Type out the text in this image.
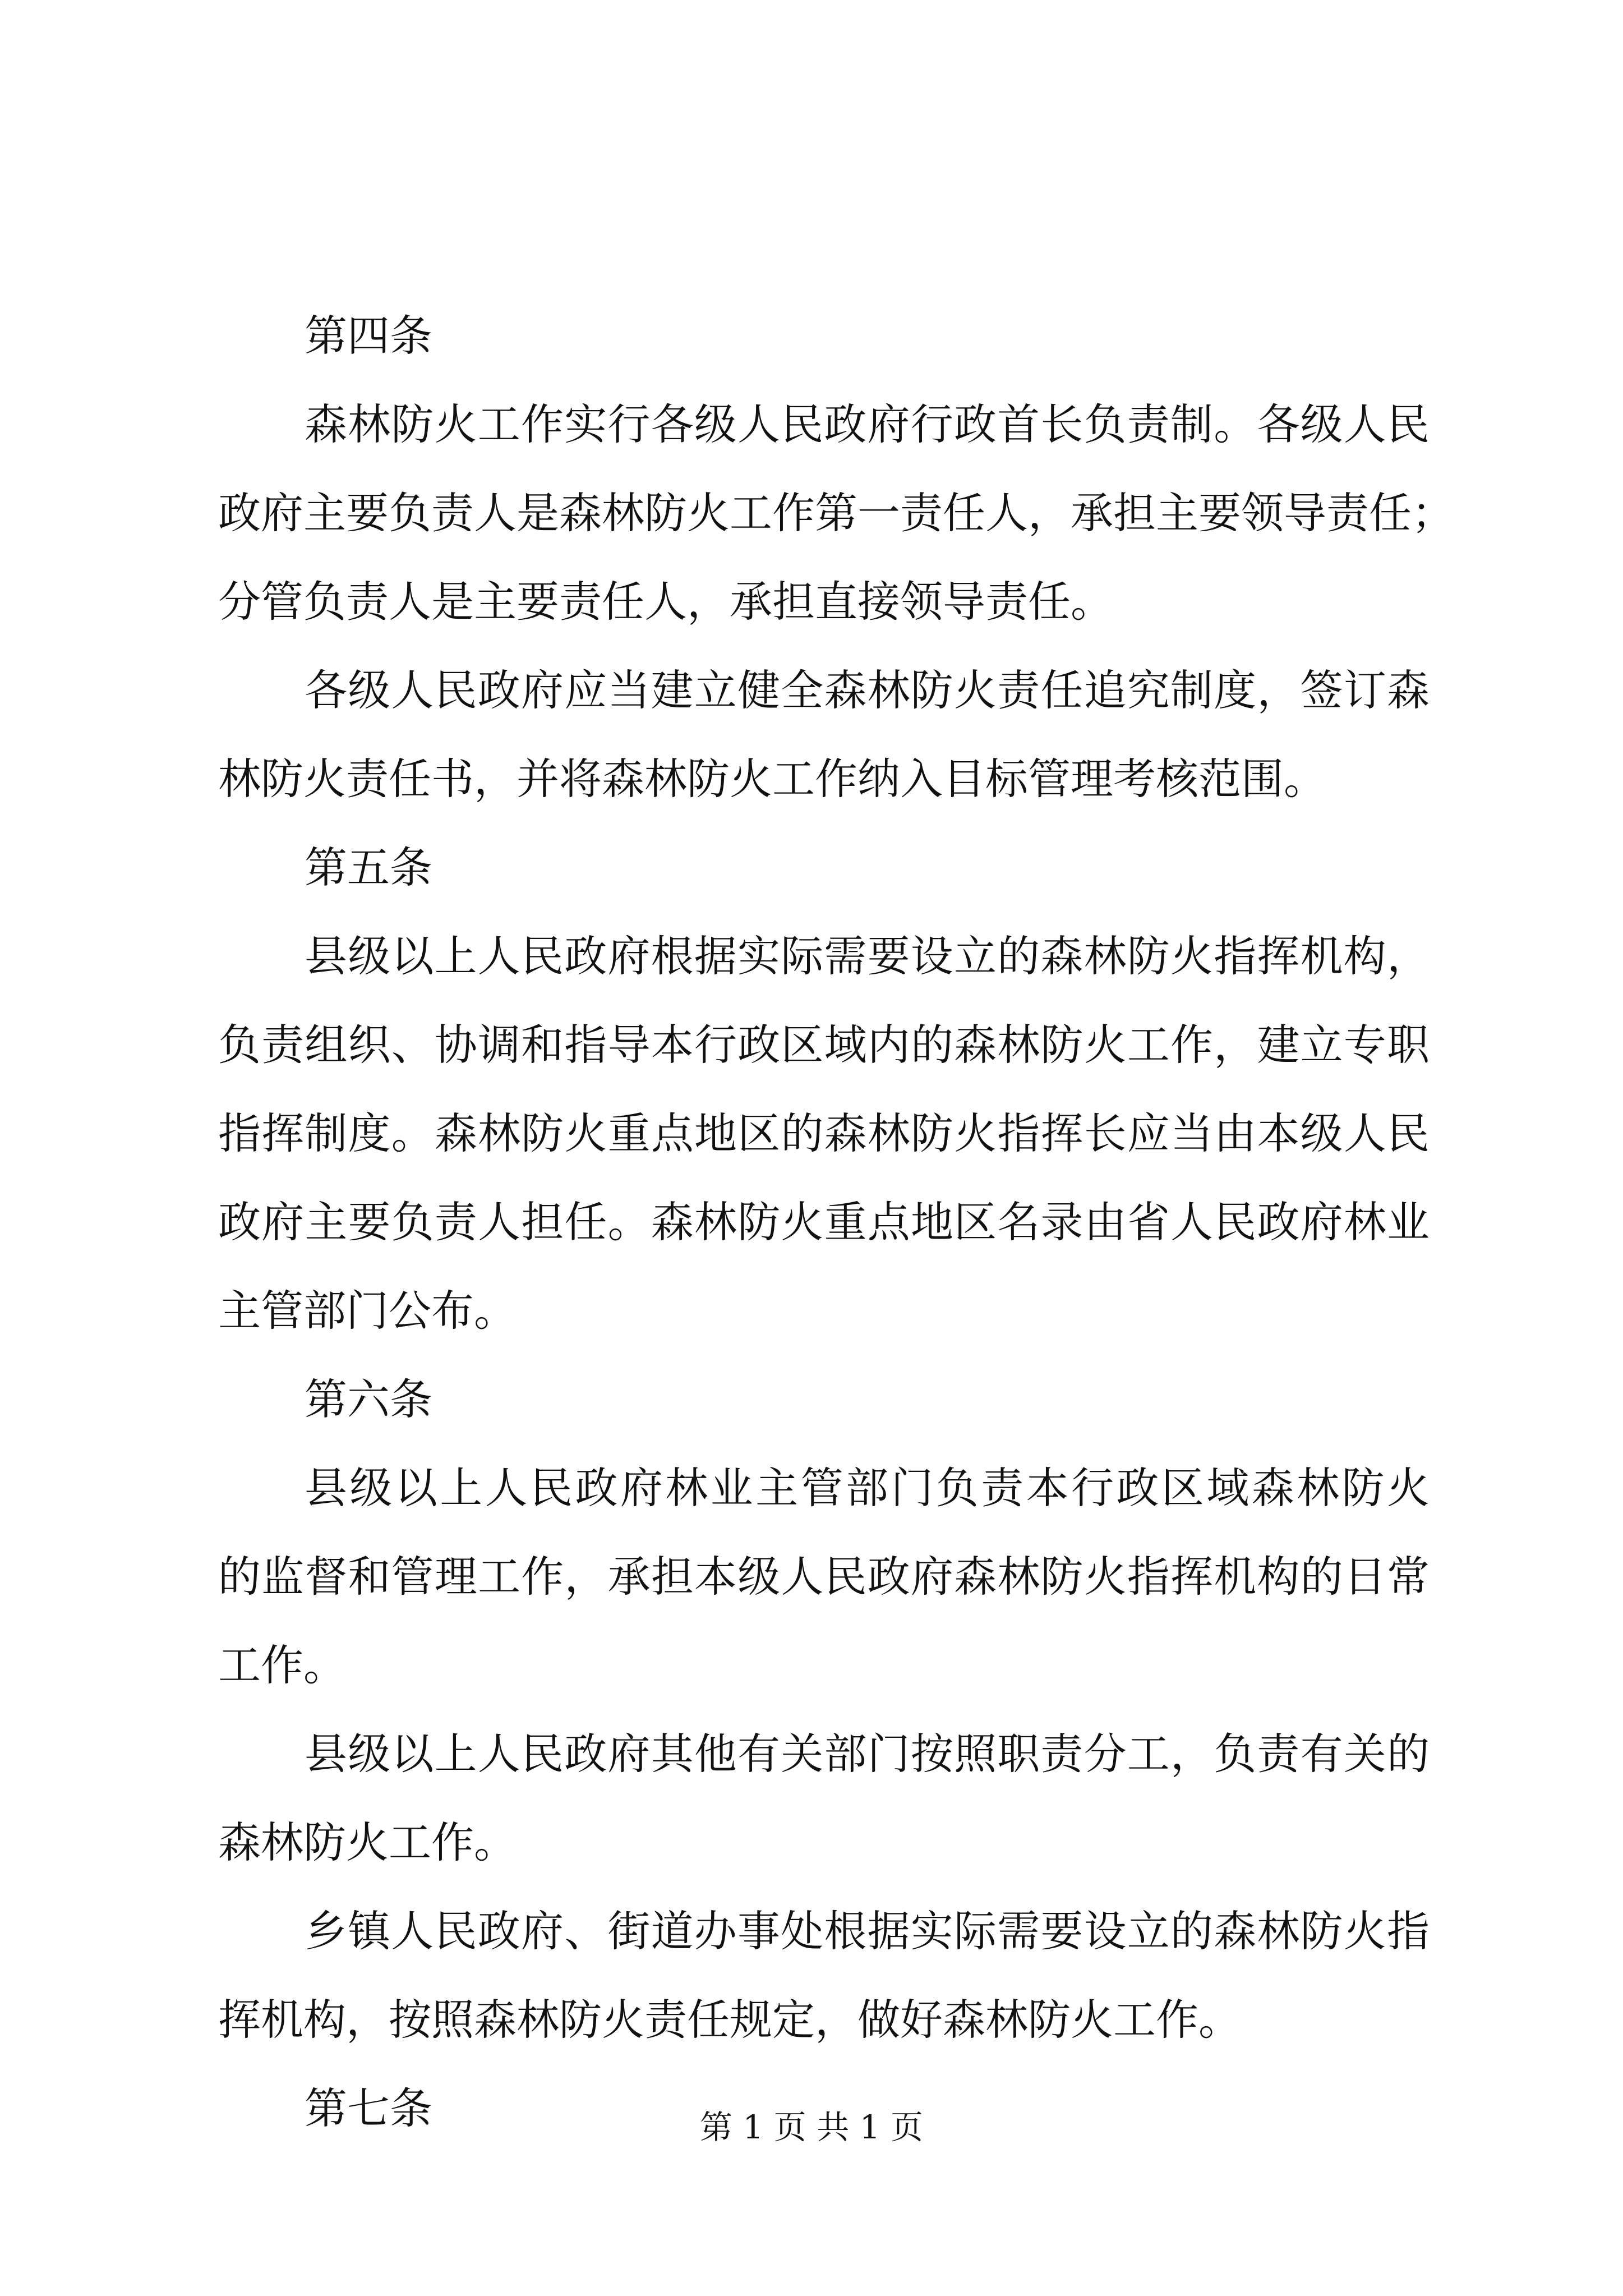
第四条
森林防火工作实行各级人民政府行政首长负责制。各级人民
政府主要负责人是森林防火工作第一责任人，承担主要领导责任；
分管负责人是主要责任人，承担直接领导责任。
各级人民政府应当建立健全森林防火责任追究制度，签订森
林防火责任书，并将森林防火工作纳入目标管理考核范围。
第五条
县级以上人民政府根据实际需要设立的森林防火指挥机构，
负责组织、协调和指导本行政区域内的森林防火工作，建立专职
指挥制度。森林防火重点地区的森林防火指挥长应当由本级人民
政府主要负责人担任。森林防火重点地区名录由省人民政府林业
主管部门公布。
第六条
县级以上人民政府林业主管部门负责本行政区域森林防火
的监督和管理工作，承担本级人民政府森林防火指挥机构的日常
工作。
县级以上人民政府其他有关部门按照职责分工，负责有关的
森林防火工作。
乡镇人民政府、街道办事处根据实际需要设立的森林防火指
挥机构，按照森林防火责任规定，做好森林防火工作。
第七条	第 1 页 共 1 页
